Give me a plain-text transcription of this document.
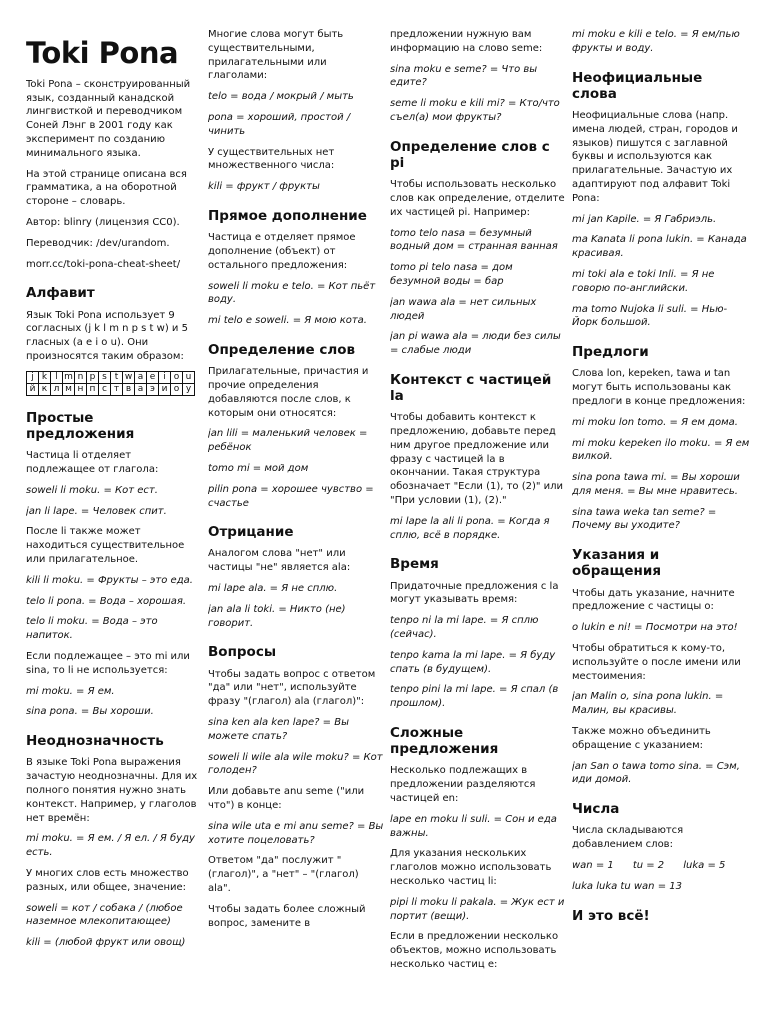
Toki Pona

Toki Pona – сконструированный язык, созданный канадской лингвисткой и переводчиком Соней Лэнг в 2001 году как эксперимент по созданию минимального языка.

На этой странице описана вся грамматика, а на оборотной стороне – словарь.

Автор: blinry (лицензия CC0).

Переводчик: /dev/urandom.

morr.cc/toki-pona-cheat-sheet/

Алфавит

Язык Toki Pona использует 9 согласных (j k l m n p s t w) и 5 гласных (a e i o u). Они произносятся таким образом:

j	k	l	m	n	p	s	t	w	a	e	i	o	u
й	к	л	м	н	п	с	т	в	а	э	и	о	у
Простые предложения

Частица li отделяет подлежащее от глагола:

soweli li moku. = Кот ест.

jan li lape. = Человек спит.

После li также может находиться существительное или прилагательное.

kili li moku. = Фрукты – это еда.

telo li pona. = Вода – хорошая.

telo li moku. = Вода – это напиток.

Если подлежащее – это mi или sina, то li не используется:

mi moku. = Я ем.

sina pona. = Вы хороши.

Неоднозначность

В языке Toki Pona выражения зачастую неоднозначны. Для их полного понятия нужно знать контекст. Например, у глаголов нет времён:

mi moku. = Я ем. / Я ел. / Я буду есть.

У многих слов есть множество разных, или общее, значение:

soweli = кот / собака / (любое наземное млекопитающее)

kili = (любой фрукт или овощ)

Многие слова могут быть существительными, прилагательными или глаголами:

telo = вода / мокрый / мыть

pona = хороший, простой / чинить

У существительных нет множественного числа:

kili = фрукт / фрукты

Прямое дополнение

Частица e отделяет прямое дополнение (объект) от остального предложения:

soweli li moku e telo. = Кот пьёт воду.

mi telo e soweli. = Я мою кота.

Определение слов

Прилагательные, причастия и прочие определения добавляются после слов, к которым они относятся:

jan lili = маленький человек = ребёнок

tomo mi = мой дом

pilin pona = хорошее чувство = счастье

Отрицание

Аналогом слова "нет" или частицы "не" является ala:

mi lape ala. = Я не сплю.

jan ala li toki. = Никто (не) говорит.

Вопросы

Чтобы задать вопрос с ответом "да" или "нет", используйте фразу "(глагол) ala (глагол)":

sina ken ala ken lape? = Вы можете спать?

soweli li wile ala wile moku? = Кот голоден?

Или добавьте anu seme ("или что") в конце:

sina wile uta e mi anu seme? = Вы хотите поцеловать?

Ответом "да" послужит "(глагол)", а "нет" – "(глагол) ala".

Чтобы задать более сложный вопрос, замените в

предложении нужную вам информацию на слово seme:

sina moku e seme? = Что вы едите?

seme li moku e kili mi? = Кто/что съел(а) мои фрукты?

Определение слов с pi

Чтобы использовать несколько слов как определение, отделите их частицей pi. Например:

tomo telo nasa = безумный водный дом = странная ванная

tomo pi telo nasa = дом безумной воды = бар

jan wawa ala = нет сильных людей

jan pi wawa ala = люди без силы = слабые люди

Контекст с частицей la

Чтобы добавить контекст к предложению, добавьте перед ним другое предложение или фразу с частицей la в окончании. Такая структура обозначает "Если (1), то (2)" или "При условии (1), (2)."

mi lape la ali li pona. = Когда я сплю, всё в порядке.

Время

Придаточные предложения с la могут указывать время:

tenpo ni la mi lape. = Я сплю (сейчас).

tenpo kama la mi lape. = Я буду спать (в будущем).

tenpo pini la mi lape. = Я спал (в прошлом).

Сложные предложения

Несколько подлежащих в предложении разделяются частицей en:

lape en moku li suli. = Сон и еда важны.

Для указания нескольких глаголов можно использовать несколько частиц li:

pipi li moku li pakala. = Жук ест и портит (вещи).

Если в предложении несколько объектов, можно использовать несколько частиц e:

mi moku e kili e telo. = Я ем/пью фрукты и воду.

Неофициальные слова

Неофициальные слова (напр. имена людей, стран, городов и языков) пишутся с заглавной буквы и используются как прилагательные. Зачастую их адаптируют под алфавит Toki Pona:

mi jan Kapile. = Я Габриэль.

ma Kanata li pona lukin. = Канада красивая.

mi toki ala e toki Inli. = Я не говорю по-английски.

ma tomo Nujoka li suli. = Нью-Йорк большой.

Предлоги

Слова lon, kepeken, tawa и tan могут быть использованы как предлоги в конце предложения:

mi moku lon tomo. = Я ем дома.

mi moku kepeken ilo moku. = Я ем вилкой.

sina pona tawa mi. = Вы хороши для меня. = Вы мне нравитесь.

sina tawa weka tan seme? = Почему вы уходите?

Указания и обращения

Чтобы дать указание, начните предложение с частицы o:

o lukin e ni! = Посмотри на это!

Чтобы обратиться к кому-то, используйте o после имени или местоимения:

jan Malin o, sina pona lukin. = Малин, вы красивы.

Также можно объединить обращение с указанием:

jan San o tawa tomo sina. = Сэм, иди домой.

Числа

Числа складываются добавлением слов:

wan = 1      tu = 2      luka = 5

luka luka tu wan = 13

И это всё!
